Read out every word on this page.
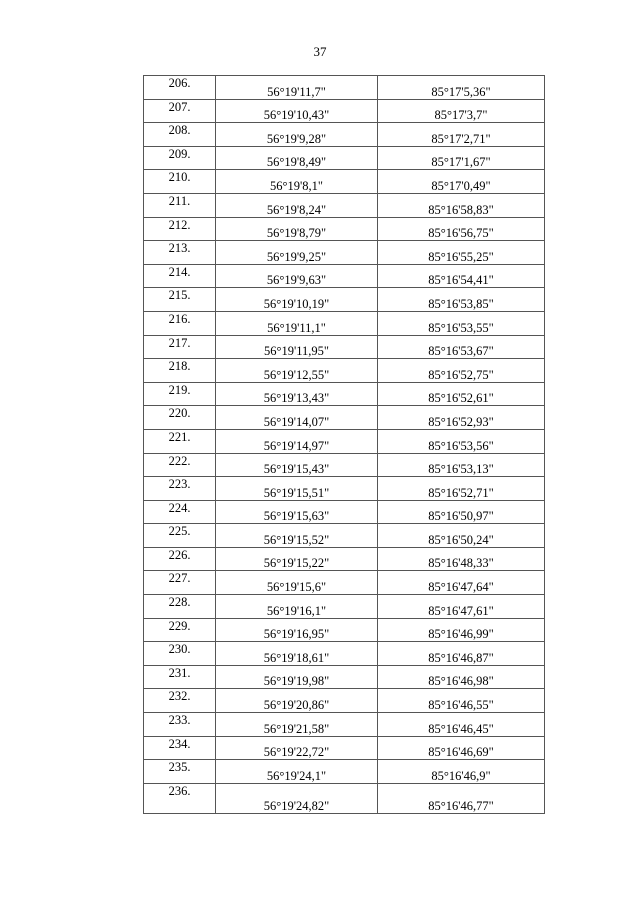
37
206.	56°19'11,7"	85°17'5,36"
207.	56°19'10,43"	85°17'3,7"
208.	56°19'9,28"	85°17'2,71"
209.	56°19'8,49"	85°17'1,67"
210.	56°19'8,1"	85°17'0,49"
211.	56°19'8,24"	85°16'58,83"
212.	56°19'8,79"	85°16'56,75"
213.	56°19'9,25"	85°16'55,25"
214.	56°19'9,63"	85°16'54,41"
215.	56°19'10,19"	85°16'53,85"
216.	56°19'11,1"	85°16'53,55"
217.	56°19'11,95"	85°16'53,67"
218.	56°19'12,55"	85°16'52,75"
219.	56°19'13,43"	85°16'52,61"
220.	56°19'14,07"	85°16'52,93"
221.	56°19'14,97"	85°16'53,56"
222.	56°19'15,43"	85°16'53,13"
223.	56°19'15,51"	85°16'52,71"
224.	56°19'15,63"	85°16'50,97"
225.	56°19'15,52"	85°16'50,24"
226.	56°19'15,22"	85°16'48,33"
227.	56°19'15,6"	85°16'47,64"
228.	56°19'16,1"	85°16'47,61"
229.	56°19'16,95"	85°16'46,99"
230.	56°19'18,61"	85°16'46,87"
231.	56°19'19,98"	85°16'46,98"
232.	56°19'20,86"	85°16'46,55"
233.	56°19'21,58"	85°16'46,45"
234.	56°19'22,72"	85°16'46,69"
235.	56°19'24,1"	85°16'46,9"
236.	56°19'24,82"	85°16'46,77"
